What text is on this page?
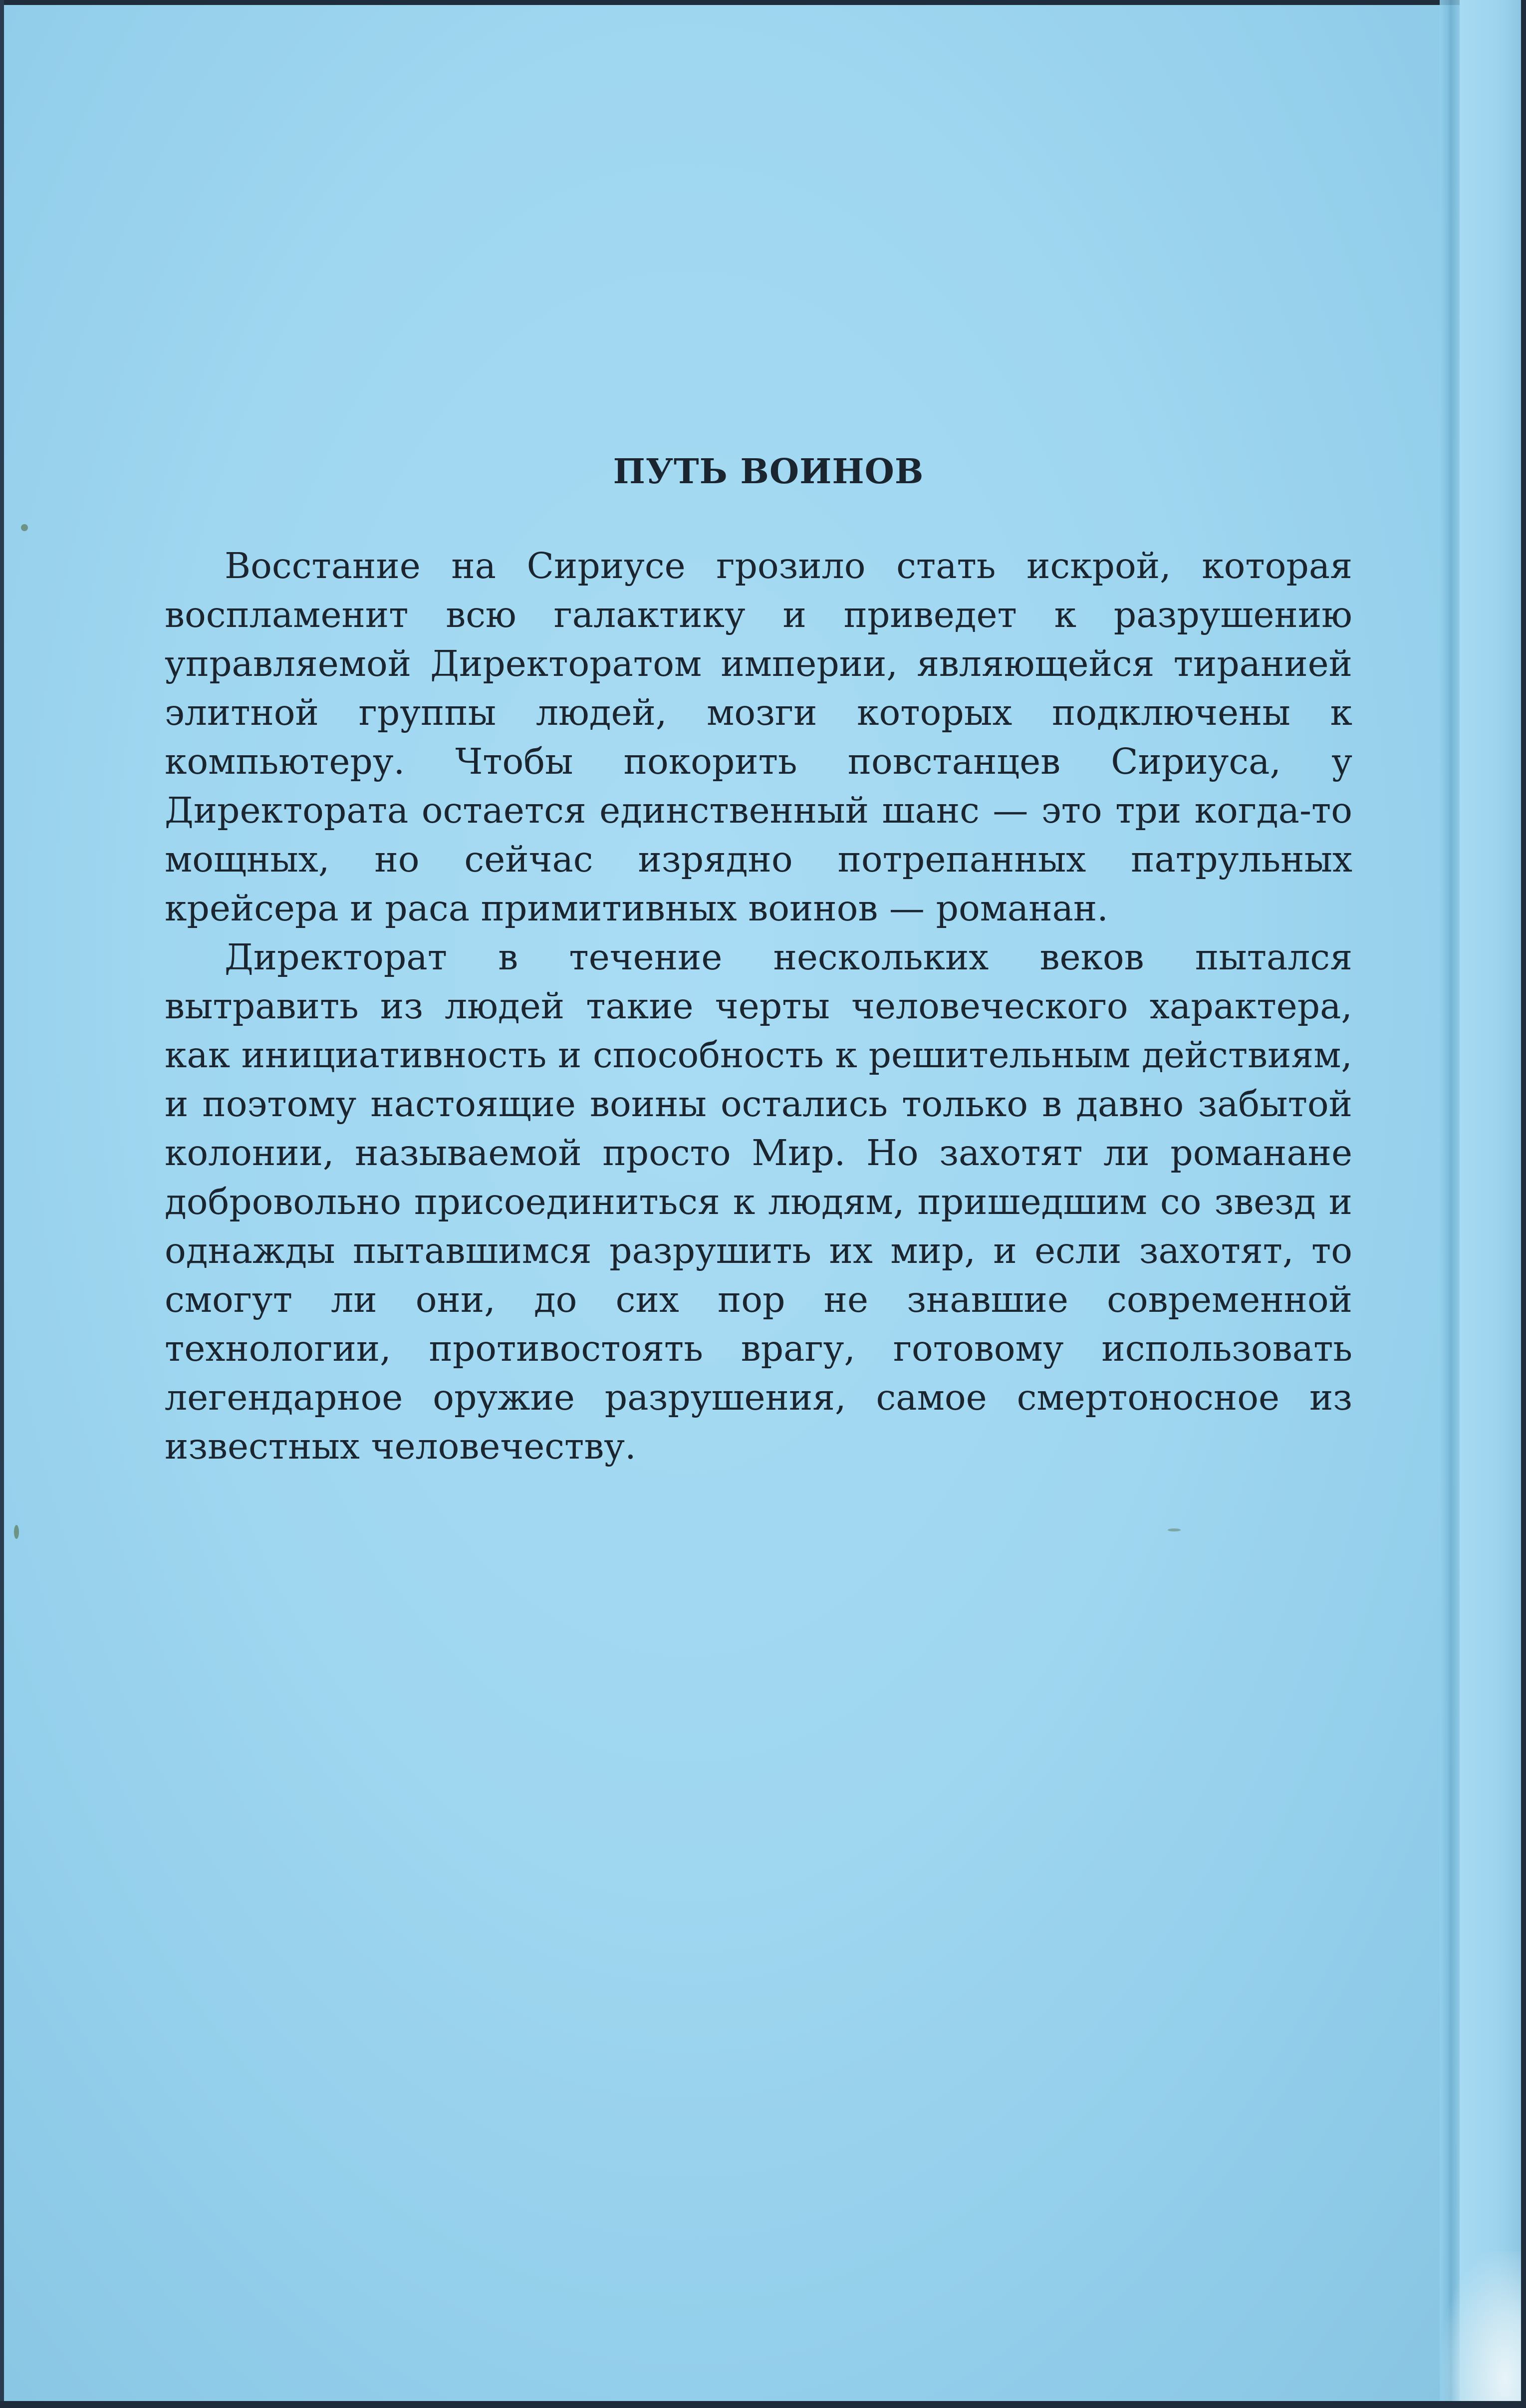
ПУТЬ ВОИНОВ

Восстание на Сириусе грозило стать искрой, которая воспламенит всю галактику и приведет к разрушению управляемой Директоратом империи, являющейся тиранией элитной группы людей, мозги которых подключены к компьютеру. Чтобы покорить повстанцев Сириуса, у Директората остается единственный шанс — это три когда-то мощных, но сейчас изрядно потрепанных патрульных крейсера и раса примитивных воинов — романан.

Директорат в течение нескольких веков пытался вытравить из людей такие черты человеческого характера, как инициативность и способность к решительным действиям, и поэтому настоящие воины остались только в давно забытой колонии, называемой просто Мир. Но захотят ли романане добровольно присоединиться к людям, пришедшим со звезд и однажды пытавшимся разрушить их мир, и если захотят, то смогут ли они, до сих пор не знавшие современной технологии, противостоять врагу, готовому использовать легендарное оружие разрушения, самое смертоносное из известных человечеству.
